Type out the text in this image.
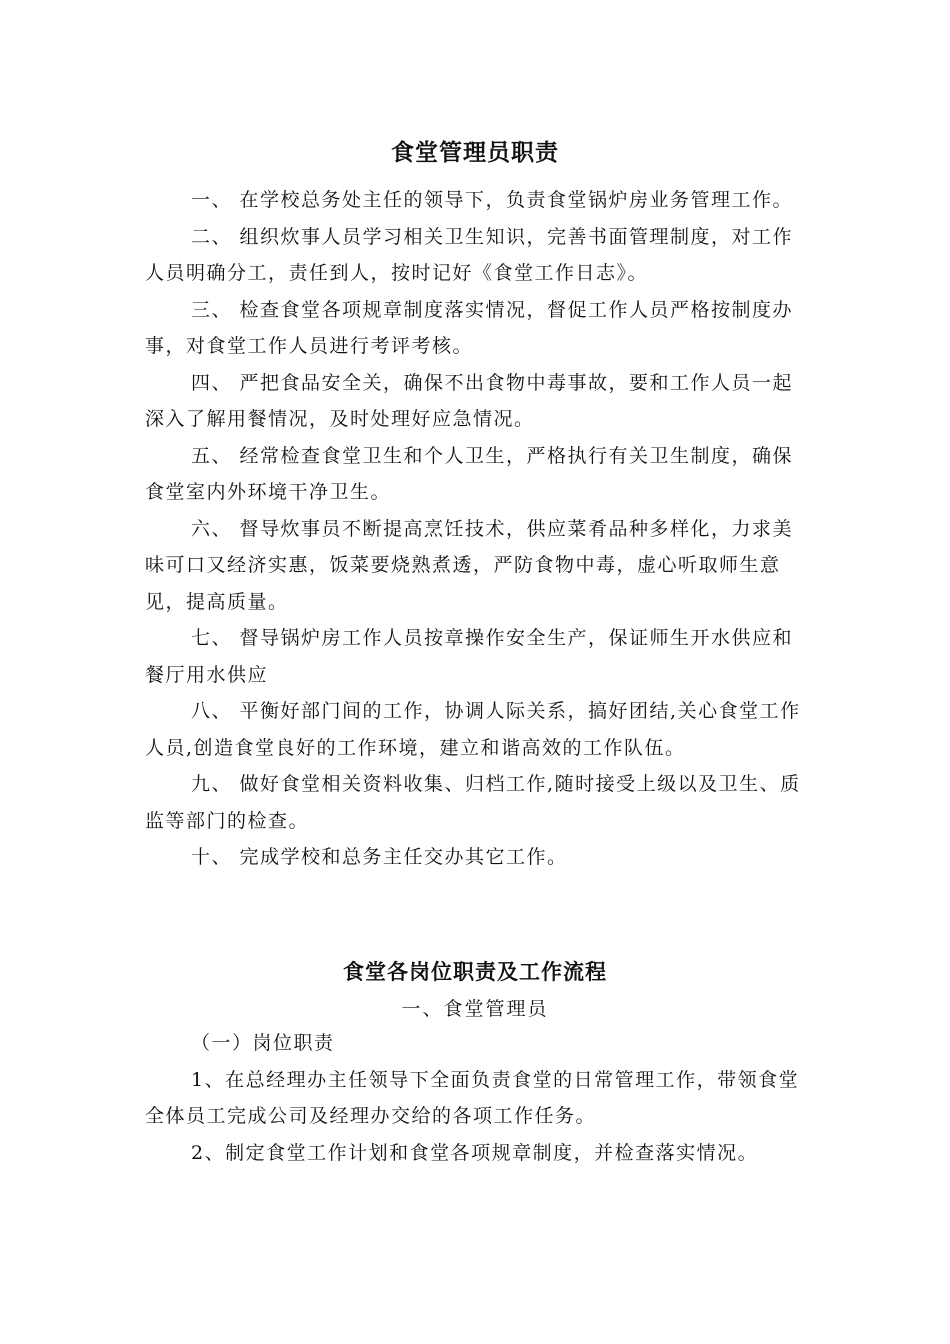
食堂管理员职责
一、 在学校总务处主任的领导下，负责食堂锅炉房业务管理工作。
二、 组织炊事人员学习相关卫生知识，完善书面管理制度，对工作人员明确分工，责任到人，按时记好《食堂工作日志》。
三、 检查食堂各项规章制度落实情况，督促工作人员严格按制度办事，对食堂工作人员进行考评考核。
四、 严把食品安全关，确保不出食物中毒事故，要和工作人员一起深入了解用餐情况，及时处理好应急情况。
五、 经常检查食堂卫生和个人卫生，严格执行有关卫生制度，确保食堂室内外环境干净卫生。
六、 督导炊事员不断提高烹饪技术，供应菜肴品种多样化，力求美味可口又经济实惠，饭菜要烧熟煮透，严防食物中毒，虚心听取师生意见，提高质量。
七、 督导锅炉房工作人员按章操作安全生产，保证师生开水供应和餐厅用水供应
八、 平衡好部门间的工作，协调人际关系，搞好团结,关心食堂工作人员,创造食堂良好的工作环境，建立和谐高效的工作队伍。
九、 做好食堂相关资料收集、归档工作,随时接受上级以及卫生、质监等部门的检查。
十、 完成学校和总务主任交办其它工作。
食堂各岗位职责及工作流程
一、食堂管理员
（一）岗位职责
1、在总经理办主任领导下全面负责食堂的日常管理工作，带领食堂全体员工完成公司及经理办交给的各项工作任务。
2、制定食堂工作计划和食堂各项规章制度，并检查落实情况。
